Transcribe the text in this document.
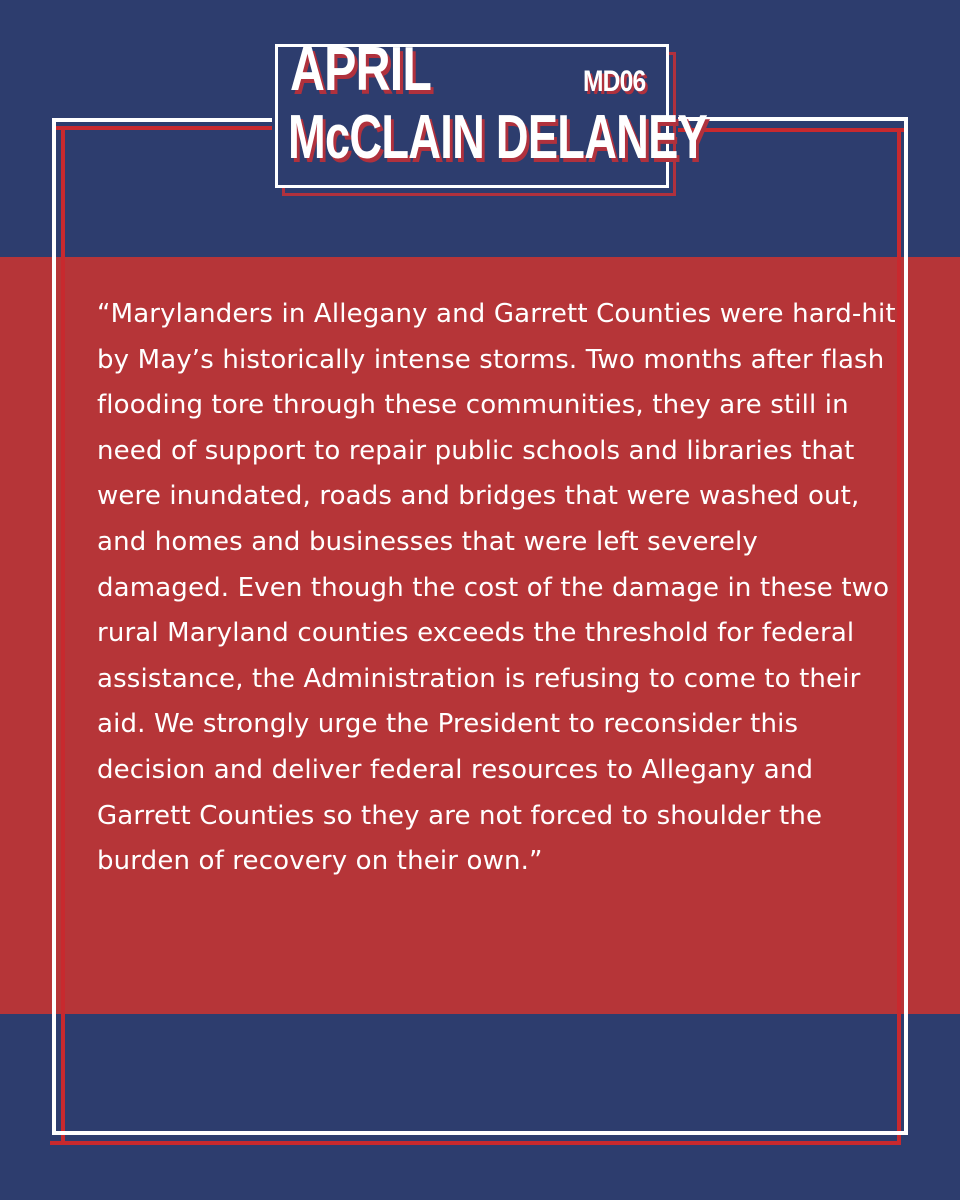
APRIL	MD06
McCLAIN DELANEY

“Marylanders in Allegany and Garrett Counties were hard-hit by May’s historically intense storms. Two months after flash flooding tore through these communities, they are still in need of support to repair public schools and libraries that were inundated, roads and bridges that were washed out, and homes and businesses that were left severely damaged. Even though the cost of the damage in these two rural Maryland counties exceeds the threshold for federal assistance, the Administration is refusing to come to their aid. We strongly urge the President to reconsider this decision and deliver federal resources to Allegany and Garrett Counties so they are not forced to shoulder the burden of recovery on their own.”
